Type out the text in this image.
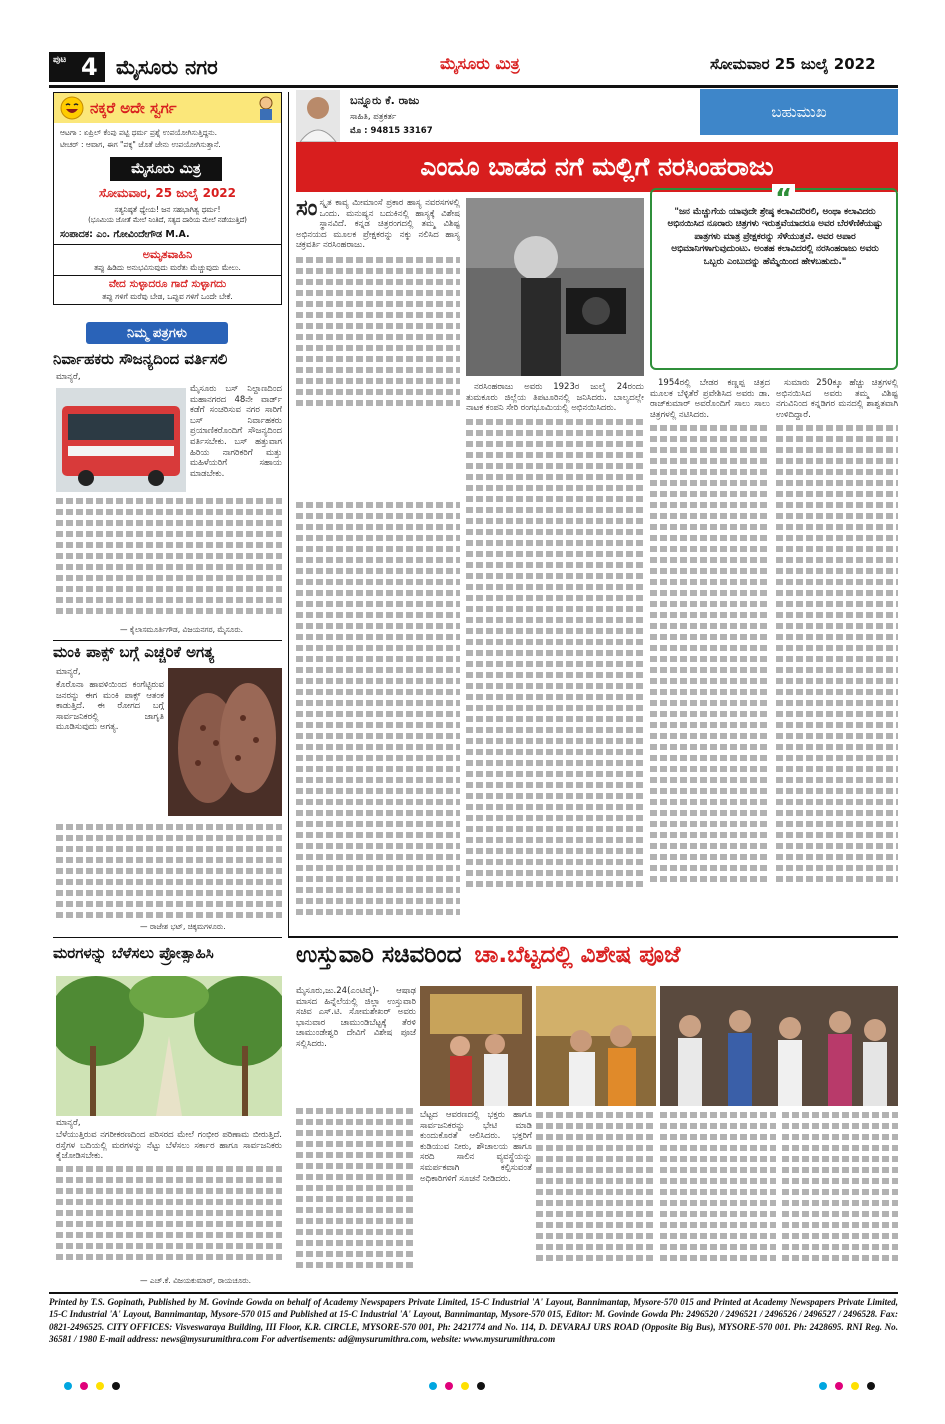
ಪುಟ 4 ಮೈಸೂರು ನಗರ	ಮೈಸೂರು ಮಿತ್ರ	ಸೋಮವಾರ 25 ಜುಲೈ 2022
ನಕ್ಕರೆ ಅದೇ ಸ್ವರ್ಗ
ಆಟಗಾ : ಏಪ್ರಿಲ್ ಕೆಂಪು ಪಟ್ಟಿ ಧರ್ಮ ಪ್ರಶ್ನೆ ಉಪಯೋಗಿಸುತ್ತಿದ್ದನು.
ಟೀಚರ್ : ಆವಾಗ, ಈಗ "ಪಕ್ಕ" ಜೊತೆ ಜೇನು ಉಪಯೋಗಿಸುತ್ತಾನೆ.
ಮೈಸೂರು ಮಿತ್ರ
ಸೋಮವಾರ, 25 ಜುಲೈ 2022
ಸತ್ಯನಿಷ್ಠತೆ ಧ್ಯೇಯ! ಜನ ಸಹಭಾಗಿತ್ವ ಧರ್ಮ!
(ಭೂಮಿಯ ಜೋತೆ ಮೇಲೆ ನಿಂತಿದೆ, ಸತ್ಯದ ದಾರಿಯ ಮೇಲೆ ನಡೆಯುತ್ತಿದೆ)
ಸಂಪಾದಕ: ಎಂ. ಗೋವಿಂದೇಗೌಡ M.A.
ಅಮೃತವಾಹಿನಿ
ತಪ್ಪು ಹಿಡಿದು ಅನುಭವಿಸುವುದು ಮರೆತು ಮೆಚ್ಚುವುದು ಮೇಲು.
ವೇದ ಸುಳ್ಳಾದರೂ ಗಾದೆ ಸುಳ್ಳಾಗದು
ತಪ್ಪು ಗಳಿಗೆ ಮರೆವು ಬೇಡ, ಒಪ್ಪುವ ಗಳಿಗೆ ಒಂದೇ ಬೇಕೆ.
ನಿಮ್ಮ ಪತ್ರಗಳು
ನಿರ್ವಾಹಕರು ಸೌಜನ್ಯದಿಂದ ವರ್ತಿಸಲಿ
ಮಾನ್ಯರೆ,
ಮೈಸೂರು ಬಸ್ ನಿಲ್ದಾಣದಿಂದ ಮಹಾನಗರದ 48ನೇ ವಾರ್ಡ್ ಕಡೆಗೆ ಸಂಚರಿಸುವ ನಗರ ಸಾರಿಗೆ ಬಸ್ ನಿರ್ವಾಹಕರು ಪ್ರಯಾಣಿಕರೊಂದಿಗೆ ಸೌಜನ್ಯದಿಂದ ವರ್ತಿಸಬೇಕು. ಬಸ್ ಹತ್ತುವಾಗ ಹಿರಿಯ ನಾಗರಿಕರಿಗೆ ಮತ್ತು ಮಹಿಳೆಯರಿಗೆ ಸಹಾಯ ಮಾಡಬೇಕು.
— ಕೈಲಾಸಮೂರ್ತಿಗೌಡ, ವಿಜಯನಗರ, ಮೈಸೂರು.
ಮಂಕಿ ಪಾಕ್ಸ್ ಬಗ್ಗೆ ಎಚ್ಚರಿಕೆ ಅಗತ್ಯ
ಮಾನ್ಯರೆ,
ಕೊರೊನಾ ಹಾವಳಿಯಿಂದ ಕಂಗೆಟ್ಟಿರುವ ಜನರನ್ನು ಈಗ ಮಂಕಿ ಪಾಕ್ಸ್ ಆತಂಕ ಕಾಡುತ್ತಿದೆ. ಈ ರೋಗದ ಬಗ್ಗೆ ಸಾರ್ವಜನಿಕರಲ್ಲಿ ಜಾಗೃತಿ ಮೂಡಿಸುವುದು ಅಗತ್ಯ.
— ರಾಜೇಶ ಭಟ್, ಚಿಕ್ಕಮಗಳೂರು.
ಬನ್ನೂರು ಕೆ. ರಾಜು
ಸಾಹಿತಿ, ಪತ್ರಕರ್ತ
ಮೊ : 94815 33167
ಬಹುಮುಖ
ಎಂದೂ ಬಾಡದ ನಗೆ ಮಲ್ಲಿಗೆ ನರಸಿಂಹರಾಜು
ಸಂ ಸ್ಕೃತ ಕಾವ್ಯ ಮೀಮಾಂಸೆ ಪ್ರಕಾರ ಹಾಸ್ಯ ನವರಸಗಳಲ್ಲಿ ಒಂದು. ಮನುಷ್ಯನ ಬದುಕಿನಲ್ಲಿ ಹಾಸ್ಯಕ್ಕೆ ವಿಶೇಷ ಸ್ಥಾನವಿದೆ. ಕನ್ನಡ ಚಿತ್ರರಂಗದಲ್ಲಿ ತಮ್ಮ ವಿಶಿಷ್ಟ ಅಭಿನಯದ ಮೂಲಕ ಪ್ರೇಕ್ಷಕರನ್ನು ನಕ್ಕು ನಲಿಸಿದ ಹಾಸ್ಯ ಚಕ್ರವರ್ತಿ ನರಸಿಂಹರಾಜು.
“
"ಜನ ಮೆಚ್ಚುಗೆಯ ಯಾವುದೇ ಶ್ರೇಷ್ಠ ಕಲಾವಿದರಿರಲಿ, ಅಂಥಾ ಕಲಾವಿದರು ಅಭಿನಯಿಸಿದ ನೂರಾರು ಚಿತ್ರಗಳು ಇರುತ್ತವೆಯಾದರೂ ಅವರ ಬೆರಳೆಣಿಕೆಯಷ್ಟು ಪಾತ್ರಗಳು ಮಾತ್ರ ಪ್ರೇಕ್ಷಕರನ್ನು ಸೆಳೆಯುತ್ತವೆ. ಅವರ ಅಪಾರ ಅಭಿಮಾನಿಗಳಾಗುವುದುಂಟು. ಅಂತಹ ಕಲಾವಿದರಲ್ಲಿ ನರಸಿಂಹರಾಜು ಅವರು ಒಬ್ಬರು ಎಂಬುದನ್ನು ಹೆಮ್ಮೆಯಿಂದ ಹೇಳಬಹುದು."

ನರಸಿಂಹರಾಜು ಅವರು 1923ರ ಜುಲೈ 24ರಂದು ತುಮಕೂರು ಜಿಲ್ಲೆಯ ತಿಪಟೂರಿನಲ್ಲಿ ಜನಿಸಿದರು. ಬಾಲ್ಯದಲ್ಲೇ ನಾಟಕ ಕಂಪನಿ ಸೇರಿ ರಂಗಭೂಮಿಯಲ್ಲಿ ಅಭಿನಯಿಸಿದರು.

1954ರಲ್ಲಿ ಬೇಡರ ಕಣ್ಣಪ್ಪ ಚಿತ್ರದ ಮೂಲಕ ಬೆಳ್ಳಿತೆರೆ ಪ್ರವೇಶಿಸಿದ ಅವರು ಡಾ. ರಾಜ್‍ಕುಮಾರ್ ಅವರೊಂದಿಗೆ ಸಾಲು ಸಾಲು ಚಿತ್ರಗಳಲ್ಲಿ ನಟಿಸಿದರು.

ಸುಮಾರು 250ಕ್ಕೂ ಹೆಚ್ಚು ಚಿತ್ರಗಳಲ್ಲಿ ಅಭಿನಯಿಸಿದ ಅವರು ತಮ್ಮ ವಿಶಿಷ್ಟ ನಗುವಿನಿಂದ ಕನ್ನಡಿಗರ ಮನದಲ್ಲಿ ಶಾಶ್ವತವಾಗಿ ಉಳಿದಿದ್ದಾರೆ.

ಮರಗಳನ್ನು ಬೆಳೆಸಲು ಪ್ರೋತ್ಸಾಹಿಸಿ
ಮಾನ್ಯರೆ,
ಬೆಳೆಯುತ್ತಿರುವ ನಗರೀಕರಣದಿಂದ ಪರಿಸರದ ಮೇಲೆ ಗಂಭೀರ ಪರಿಣಾಮ ಬೀರುತ್ತಿದೆ. ರಸ್ತೆಗಳ ಬದಿಯಲ್ಲಿ ಮರಗಳನ್ನು ನೆಟ್ಟು ಬೆಳೆಸಲು ಸರ್ಕಾರ ಹಾಗೂ ಸಾರ್ವಜನಿಕರು ಕೈಜೋಡಿಸಬೇಕು.
— ಎಚ್.ಕೆ. ವಿಜಯಕುಮಾರ್, ರಾಯಚೂರು.
ಉಸ್ತುವಾರಿ ಸಚಿವರಿಂದ ಚಾ.ಬೆಟ್ಟದಲ್ಲಿ ವಿಶೇಷ ಪೂಜೆ
ಮೈಸೂರು,ಜು.24(ಎಂಟಿವೈ)- ಆಷಾಢ ಮಾಸದ ಹಿನ್ನೆಲೆಯಲ್ಲಿ ಜಿಲ್ಲಾ ಉಸ್ತುವಾರಿ ಸಚಿವ ಎಸ್.ಟಿ. ಸೋಮಶೇಖರ್ ಅವರು ಭಾನುವಾರ ಚಾಮುಂಡಿಬೆಟ್ಟಕ್ಕೆ ತೆರಳಿ ಚಾಮುಂಡೇಶ್ವರಿ ದೇವಿಗೆ ವಿಶೇಷ ಪೂಜೆ ಸಲ್ಲಿಸಿದರು.
ಬೆಟ್ಟದ ಆವರಣದಲ್ಲಿ ಭಕ್ತರು ಹಾಗೂ ಸಾರ್ವಜನಿಕರನ್ನು ಭೇಟಿ ಮಾಡಿ ಕುಂದುಕೊರತೆ ಆಲಿಸಿದರು. ಭಕ್ತರಿಗೆ ಕುಡಿಯುವ ನೀರು, ಶೌಚಾಲಯ ಹಾಗೂ ಸರದಿ ಸಾಲಿನ ವ್ಯವಸ್ಥೆಯನ್ನು ಸಮರ್ಪಕವಾಗಿ ಕಲ್ಪಿಸುವಂತೆ ಅಧಿಕಾರಿಗಳಿಗೆ ಸೂಚನೆ ನೀಡಿದರು.
Printed by T.S. Gopinath, Published by M. Govinde Gowda on behalf of Academy Newspapers Private Limited, 15-C Industrial 'A' Layout, Bannimantap, Mysore-570 015 and Printed at Academy Newspapers Private Limited, 15-C Industrial 'A' Layout, Bannimantap, Mysore-570 015 and Published at 15-C Industrial 'A' Layout, Bannimantap, Mysore-570 015, Editor: M. Govinde Gowda Ph: 2496520 / 2496521 / 2496526 / 2496527 / 2496528. Fax: 0821-2496525. CITY OFFICES: Visveswaraya Building, III Floor, K.R. CIRCLE, MYSORE-570 001, Ph: 2421774 and No. 114, D. DEVARAJ URS ROAD (Opposite Big Bus), MYSORE-570 001. Ph: 2428695. RNI Reg. No. 36581 / 1980 E-mail address: news@mysurumithra.com For advertisements: ad@mysurumithra.com, website: www.mysurumithra.com
